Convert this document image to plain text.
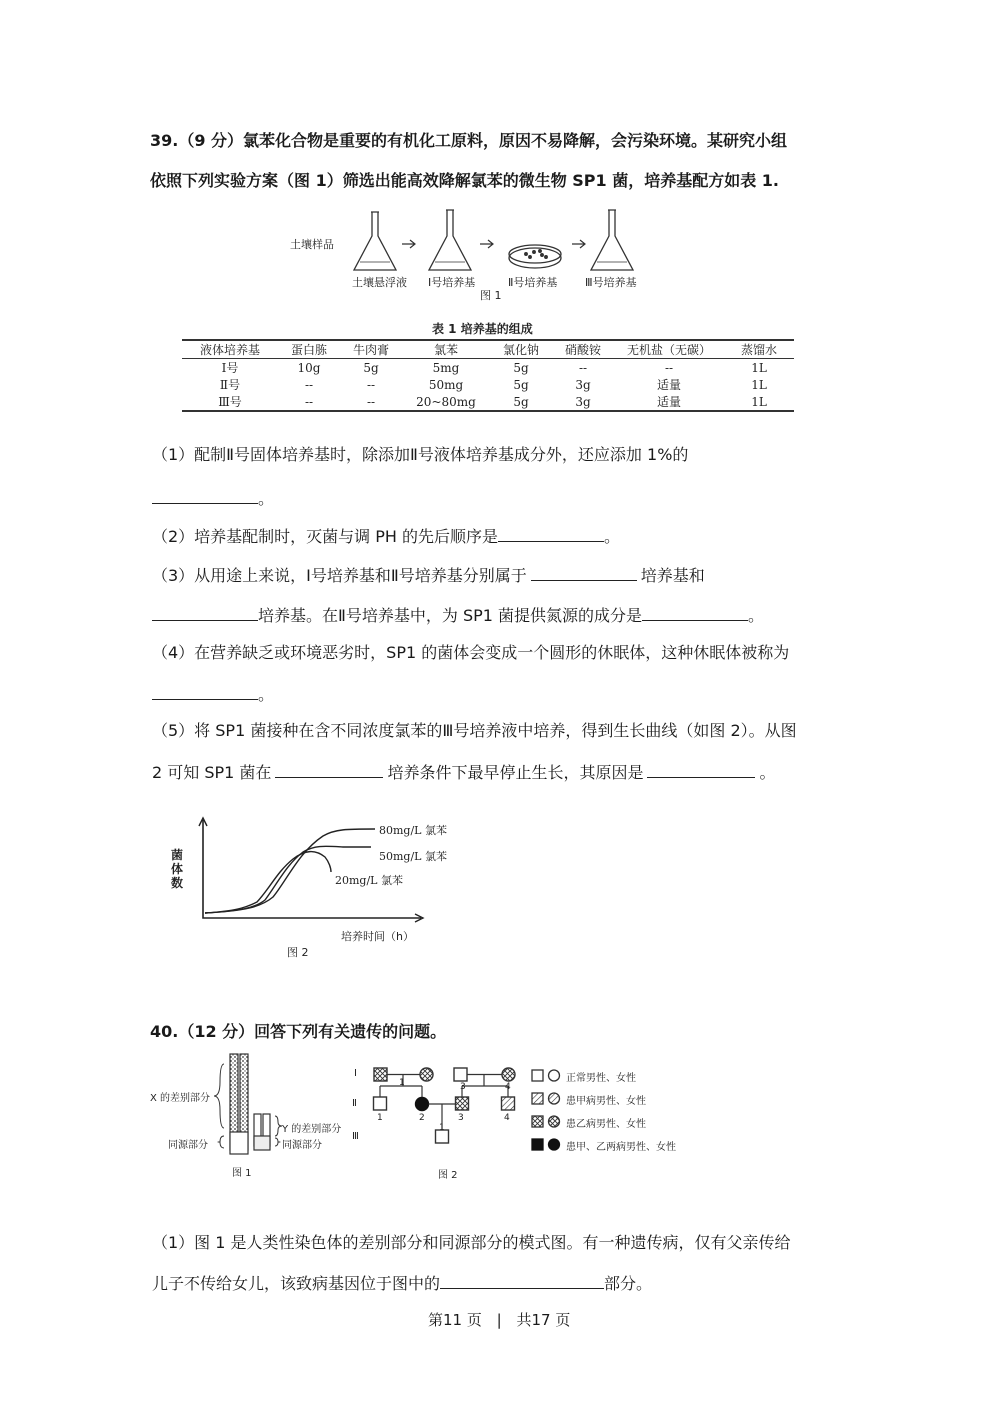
39.（9 分）氯苯化合物是重要的有机化工原料，原因不易降解，会污染环境。某研究小组
依照下列实验方案（图 1）筛选出能高效降解氯苯的微生物 SP1 菌，培养基配方如表 1.
土壤样品
土壤悬浮液 Ⅰ号培养基	Ⅱ号培养基	Ⅲ号培养基
图 1
表 1 培养基的组成
液体培养基	蛋白胨	牛肉膏	氯苯	氯化钠	硝酸铵	无机盐（无碳）	蒸馏水
Ⅰ号	10g	5g	5mg	5g	--	--	1L
Ⅱ号	--	--	50mg	5g	3g	适量	1L
Ⅲ号	--	--	20~80mg	5g	3g	适量	1L
（1）配制Ⅱ号固体培养基时，除添加Ⅱ号液体培养基成分外，还应添加 1%的
。
（2）培养基配制时，灭菌与调 PH 的先后顺序是	。
（3）从用途上来说，Ⅰ号培养基和Ⅱ号培养基分别属于	培养基和
培养基。在Ⅱ号培养基中，为 SP1 菌提供氮源的成分是	。
（4）在营养缺乏或环境恶劣时，SP1 的菌体会变成一个圆形的休眠体，这种休眠体被称为
。
（5）将 SP1 菌接种在含不同浓度氯苯的Ⅲ号培养液中培养，得到生长曲线（如图 2）。从图
2 可知 SP1 菌在	培养条件下最早停止生长，其原因是	。
菌
体
数
80mg/L 氯苯
50mg/L 氯苯
20mg/L 氯苯
培养时间（h）
图 2
40.（12 分）回答下列有关遗传的问题。
X 的差别部分
Y 的差别部分
同源部分	同源部分
图 1
Ⅰ
Ⅱ
Ⅲ
1	3	4
1	2	3	4
1
图 2
正常男性、女性
患甲病男性、女性
患乙病男性、女性
患甲、乙两病男性、女性
（1）图 1 是人类性染色体的差别部分和同源部分的模式图。有一种遗传病，仅有父亲传给
儿子不传给女儿，该致病基因位于图中的	部分。
第11 页 | 共17 页
